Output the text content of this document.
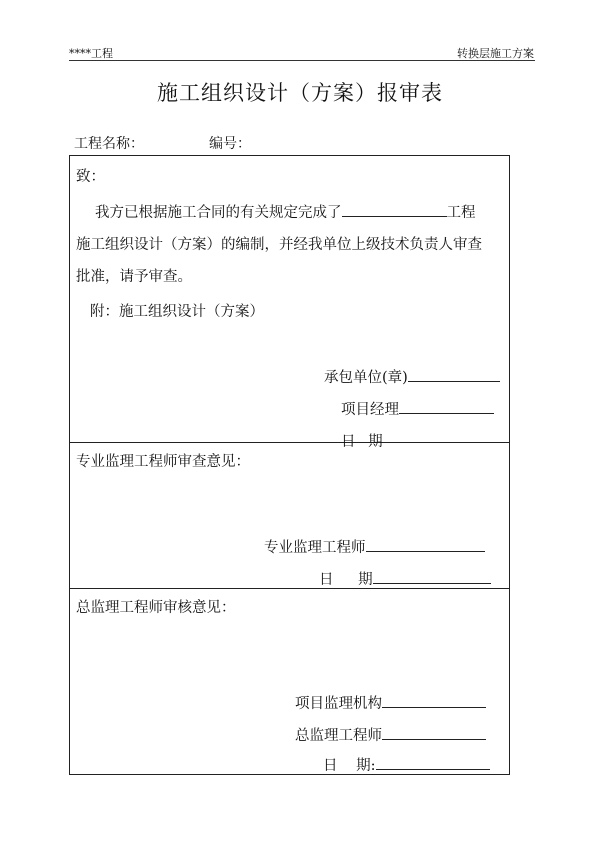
****工程	转换层施工方案
施工组织设计（方案）报审表
工程名称：	编号：
致：
我方已根据施工合同的有关规定完成了	工程
施工组织设计（方案）的编制，并经我单位上级技术负责人审查
批准，请予审查。
附：施工组织设计（方案）
承包单位(章)
项目经理
日 期
专业监理工程师审查意见：
专业监理工程师
日 期
总监理工程师审核意见：
项目监理机构
总监理工程师
日 期:
